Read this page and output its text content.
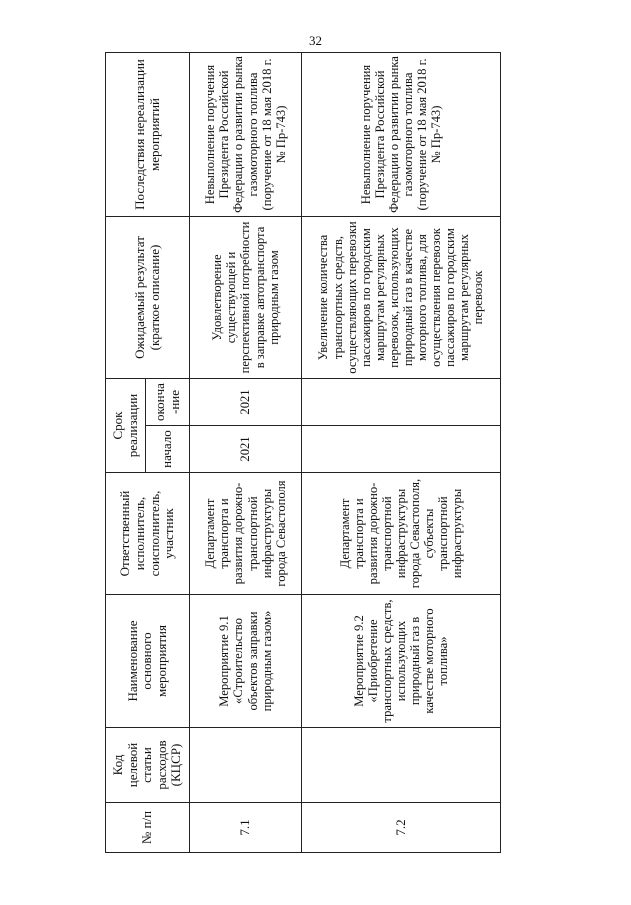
32
№ п/п	Код целевой статьи расходов (КЦСР)	Наименование основного мероприятия	Ответственный исполнитель, соисполнитель, участник	Срок реализации		Ожидаемый результат (краткое описание)	Последствия нереализации мероприятий
				начало	оконча-ние		
7.1		Мероприятие 9.1 «Строительство объектов заправки природным газом»	Департамент транспорта и развития дорожно-транспортной инфраструктуры города Севастополя	2021	2021	Удовлетворение существующей и перспективной потребности в заправке автотранспорта природным газом	Невыполнение поручения Президента Российской Федерации о развитии рынка газомоторного топлива (поручение от 18 мая 2018 г. № Пр-743)
7.2		Мероприятие 9.2 «Приобретение транспортных средств, использующих природный газ в качестве моторного топлива»	Департамент транспорта и развития дорожно-транспортной инфраструктуры города Севастополя, субъекты транспортной инфраструктуры			Увеличение количества транспортных средств, осуществляющих перевозки пассажиров по городским маршрутам регулярных перевозок, использующих природный газ в качестве моторного топлива, для осуществления перевозок пассажиров по городским маршрутам регулярных перевозок	Невыполнение поручения Президента Российской Федерации о развитии рынка газомоторного топлива (поручение от 18 мая 2018 г. № Пр-743)
